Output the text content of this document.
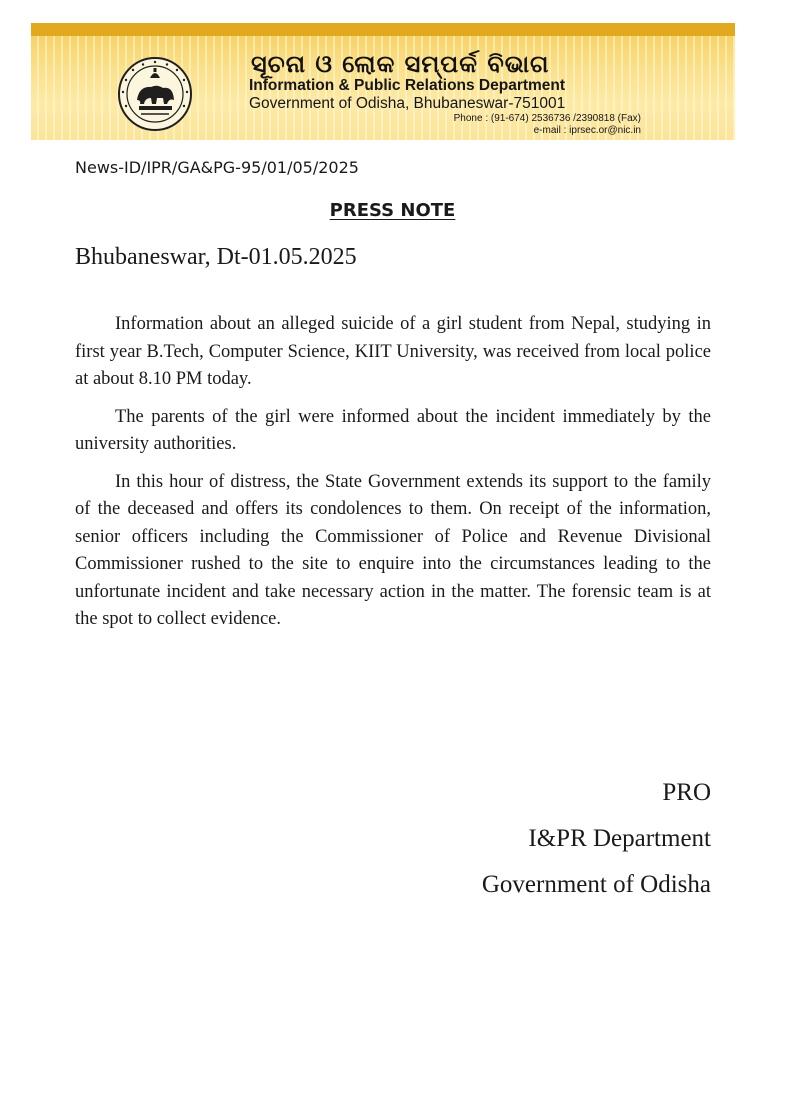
ସୂଚନା ଓ ଲୋକ ସମ୍ପର୍କ ବିଭାଗ
Information & Public Relations Department
Government of Odisha, Bhubaneswar-751001
Phone : (91-674) 2536736 /2390818 (Fax)
e-mail : iprsec.or@nic.in
News-ID/IPR/GA&PG-95/01/05/2025
PRESS NOTE
Bhubaneswar, Dt-01.05.2025

Information about an alleged suicide of a girl student from Nepal, studying in first year B.Tech, Computer Science, KIIT University, was received from local police at about 8.10 PM today.

The parents of the girl were informed about the incident immediately by the university authorities.

In this hour of distress, the State Government extends its support to the family of the deceased and offers its condolences to them. On receipt of the information, senior officers including the Commissioner of Police and Revenue Divisional Commissioner rushed to the site to enquire into the circumstances leading to the unfortunate incident and take necessary action in the matter. The forensic team is at the spot to collect evidence.

PRO
I&PR Department
Government of Odisha
